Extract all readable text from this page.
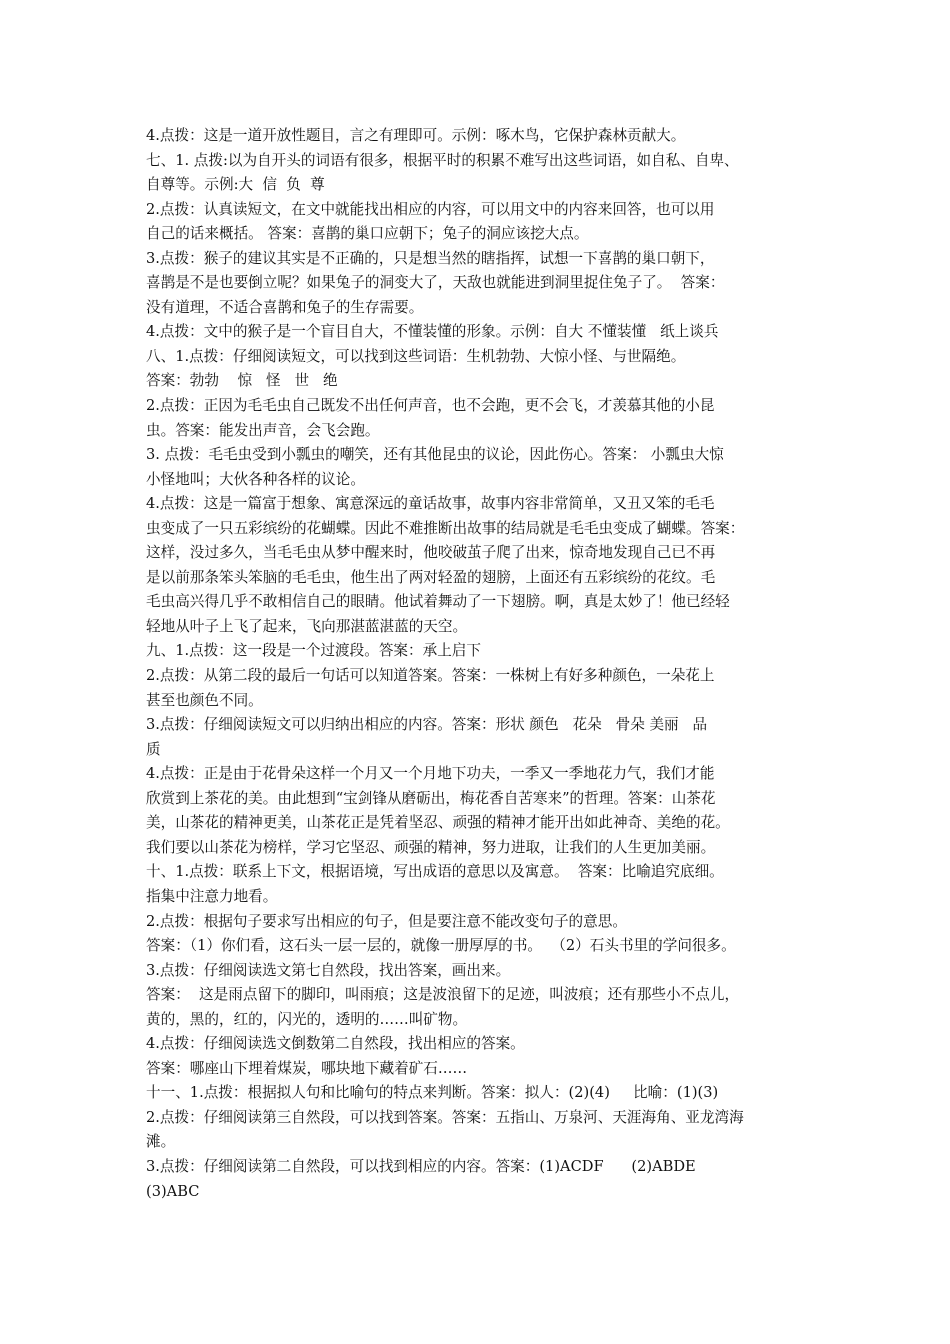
4.点拨：这是一道开放性题目，言之有理即可。示例：啄木鸟，它保护森林贡献大。
七、1. 点拨:以为自开头的词语有很多，根据平时的积累不难写出这些词语，如自私、自卑、
自尊等。示例:大  信  负  尊
2.点拨：认真读短文，在文中就能找出相应的内容，可以用文中的内容来回答，也可以用
自己的话来概括。 答案：喜鹊的巢口应朝下；兔子的洞应该挖大点。
3.点拨：猴子的建议其实是不正确的，只是想当然的瞎指挥，试想一下喜鹊的巢口朝下，
喜鹊是不是也要倒立呢？如果兔子的洞变大了，天敌也就能进到洞里捉住兔子了。  答案：
没有道理，不适合喜鹊和兔子的生存需要。
4.点拨：文中的猴子是一个盲目自大，不懂装懂的形象。示例：自大 不懂装懂   纸上谈兵
八、1.点拨：仔细阅读短文，可以找到这些词语：生机勃勃、大惊小怪、与世隔绝。
答案：勃勃    惊   怪   世   绝
2.点拨：正因为毛毛虫自己既发不出任何声音，也不会跑，更不会飞，才羡慕其他的小昆
虫。答案：能发出声音，会飞会跑。
3. 点拨：毛毛虫受到小瓢虫的嘲笑，还有其他昆虫的议论，因此伤心。答案： 小瓢虫大惊
小怪地叫；大伙各种各样的议论。
4.点拨：这是一篇富于想象、寓意深远的童话故事，故事内容非常简单，又丑又笨的毛毛
虫变成了一只五彩缤纷的花蝴蝶。因此不难推断出故事的结局就是毛毛虫变成了蝴蝶。答案：
这样，没过多久，当毛毛虫从梦中醒来时，他咬破茧子爬了出来，惊奇地发现自己已不再
是以前那条笨头笨脑的毛毛虫，他生出了两对轻盈的翅膀，上面还有五彩缤纷的花纹。毛
毛虫高兴得几乎不敢相信自己的眼睛。他试着舞动了一下翅膀。啊，真是太妙了！他已经轻
轻地从叶子上飞了起来，飞向那湛蓝湛蓝的天空。
九、1.点拨：这一段是一个过渡段。答案：承上启下
2.点拨：从第二段的最后一句话可以知道答案。答案：一株树上有好多种颜色，一朵花上
甚至也颜色不同。
3.点拨：仔细阅读短文可以归纳出相应的内容。答案：形状 颜色   花朵   骨朵 美丽   品
质
4.点拨：正是由于花骨朵这样一个月又一个月地下功夫，一季又一季地花力气，我们才能
欣赏到上茶花的美。由此想到“宝剑锋从磨砺出，梅花香自苦寒来”的哲理。答案：山茶花
美，山茶花的精神更美，山茶花正是凭着坚忍、顽强的精神才能开出如此神奇、美绝的花。
我们要以山茶花为榜样，学习它坚忍、顽强的精神，努力进取，让我们的人生更加美丽。
十、1.点拨：联系上下文，根据语境，写出成语的意思以及寓意。  答案：比喻追究底细。
指集中注意力地看。
2.点拨：根据句子要求写出相应的句子，但是要注意不能改变句子的意思。
答案：（1）你们看，这石头一层一层的，就像一册厚厚的书。  （2）石头书里的学问很多。
3.点拨：仔细阅读选文第七自然段，找出答案，画出来。
答案：  这是雨点留下的脚印，叫雨痕；这是波浪留下的足迹，叫波痕；还有那些小不点儿，
黄的，黑的，红的，闪光的，透明的……叫矿物。
4.点拨：仔细阅读选文倒数第二自然段，找出相应的答案。
答案：哪座山下埋着煤炭，哪块地下藏着矿石……
十一、1.点拨：根据拟人句和比喻句的特点来判断。答案：拟人：(2)(4)     比喻：(1)(3)
2.点拨：仔细阅读第三自然段，可以找到答案。答案：五指山、万泉河、天涯海角、亚龙湾海
滩。
3.点拨：仔细阅读第二自然段，可以找到相应的内容。答案：(1)ACDF      (2)ABDE
(3)ABC
